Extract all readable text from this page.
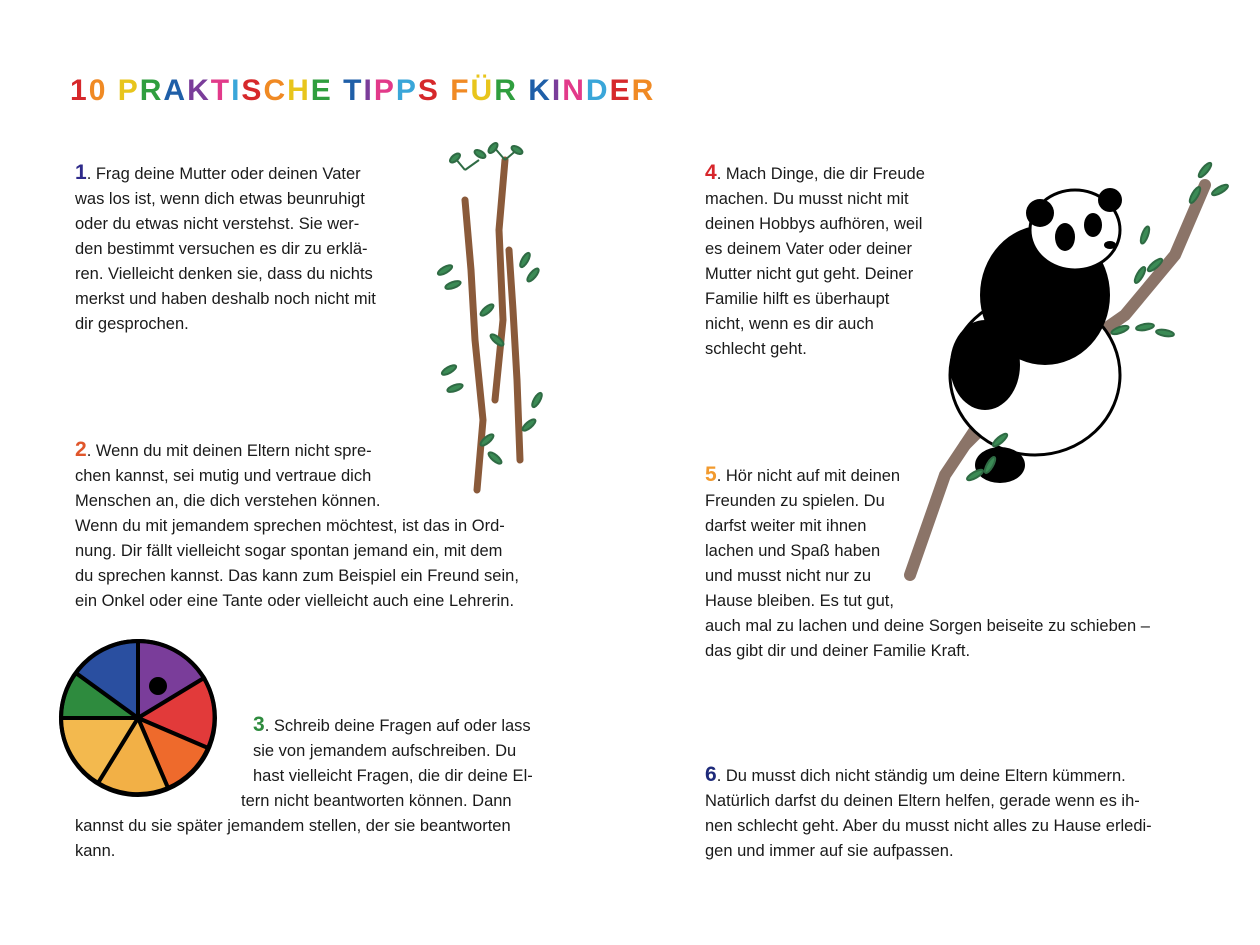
10 PRAKTISCHE TIPPS FÜR KINDER
1. Frag deine Mutter oder deinen Vater
was los ist, wenn dich etwas beunruhigt
oder du etwas nicht verstehst. Sie wer-
den bestimmt versuchen es dir zu erklä-
ren. Vielleicht denken sie, dass du nichts
merkst und haben deshalb noch nicht mit
dir gesprochen.
2. Wenn du mit deinen Eltern nicht spre-
chen kannst, sei mutig und vertraue dich
Menschen an, die dich verstehen können.
Wenn du mit jemandem sprechen möchtest, ist das in Ord-
nung. Dir fällt vielleicht sogar spontan jemand ein, mit dem
du sprechen kannst. Das kann zum Beispiel ein Freund sein,
ein Onkel oder eine Tante oder vielleicht auch eine Lehrerin.
3. Schreib deine Fragen auf oder lass
sie von jemandem aufschreiben. Du
hast vielleicht Fragen, die dir deine El-
tern nicht beantworten können. Dann
kannst du sie später jemandem stellen, der sie beantworten
kann.
4. Mach Dinge, die dir Freude
machen. Du musst nicht mit
deinen Hobbys aufhören, weil
es deinem Vater oder deiner
Mutter nicht gut geht. Deiner
Familie hilft es überhaupt
nicht, wenn es dir auch
schlecht geht.
5. Hör nicht auf mit deinen
Freunden zu spielen. Du
darfst weiter mit ihnen
lachen und Spaß haben
und musst nicht nur zu
Hause bleiben. Es tut gut,
auch mal zu lachen und deine Sorgen beiseite zu schieben –
das gibt dir und deiner Familie Kraft.
6. Du musst dich nicht ständig um deine Eltern kümmern.
Natürlich darfst du deinen Eltern helfen, gerade wenn es ih-
nen schlecht geht. Aber du musst nicht alles zu Hause erledi-
gen und immer auf sie aufpassen.
